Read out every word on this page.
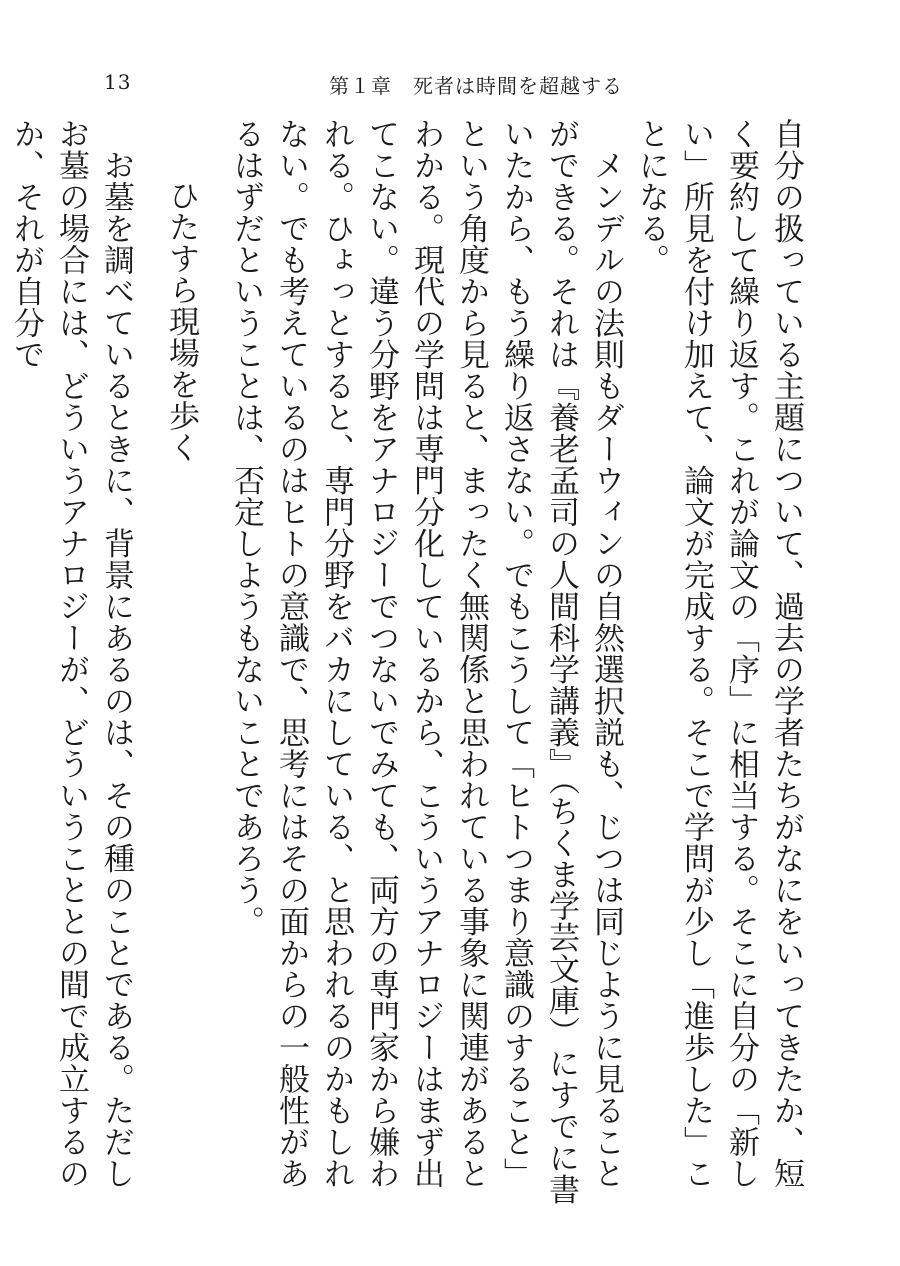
13	第１章　死者は時間を超越する

自分の扱っている主題について、過去の学者たちがなにをいってきたか、短く要約して繰り返す。これが論文の「序」に相当する。そこに自分の「新しい」所見を付け加えて、論文が完成する。そこで学問が少し「進歩した」ことになる。

　メンデルの法則もダーウィンの自然選択説も、じつは同じように見ることができる。それは『養老孟司の人間科学講義』（ちくま学芸文庫）にすでに書いたから、もう繰り返さない。でもこうして「ヒトつまり意識のすること」という角度から見ると、まったく無関係と思われている事象に関連があるとわかる。現代の学問は専門分化しているから、こういうアナロジーはまず出てこない。違う分野をアナロジーでつないでみても、両方の専門家から嫌われる。ひょっとすると、専門分野をバカにしている、と思われるのかもしれない。でも考えているのはヒトの意識で、思考にはその面からの一般性があるはずだということは、否定しようもないことであろう。

　ひたすら現場を歩く

　お墓を調べているときに、背景にあるのは、その種のことである。ただしお墓の場合には、どういうアナロジーが、どういうこととの間で成立するのか、それが自分で
